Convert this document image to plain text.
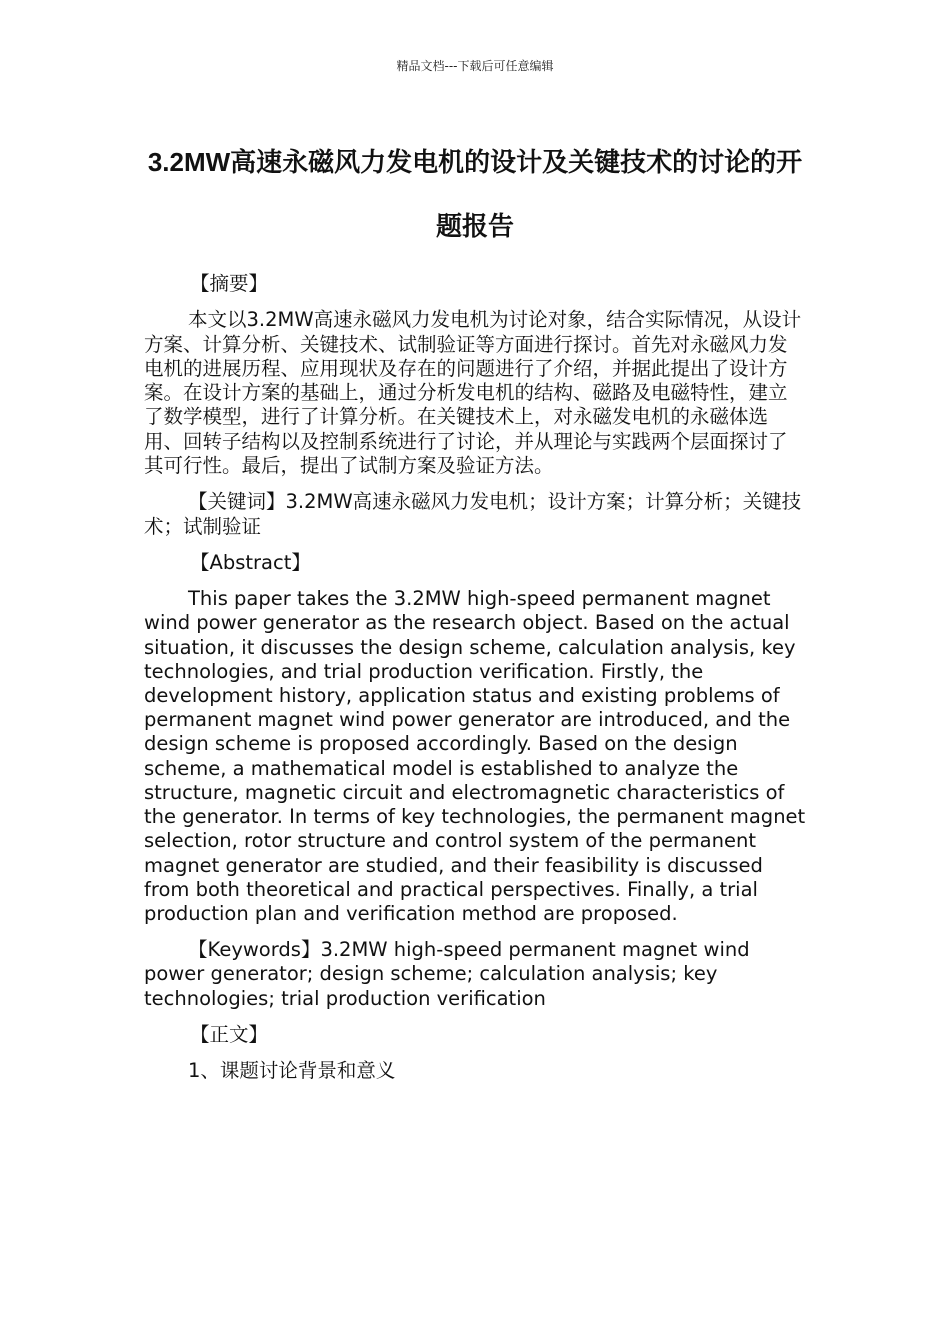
精品文档---下载后可任意编辑
3.2MW高速永磁风力发电机的设计及关键技术的讨论的开题报告

【摘要】

本文以3.2MW高速永磁风力发电机为讨论对象，结合实际情况，从设计方案、计算分析、关键技术、试制验证等方面进行探讨。首先对永磁风力发电机的进展历程、应用现状及存在的问题进行了介绍，并据此提出了设计方案。在设计方案的基础上，通过分析发电机的结构、磁路及电磁特性，建立了数学模型，进行了计算分析。在关键技术上，对永磁发电机的永磁体选用、回转子结构以及控制系统进行了讨论，并从理论与实践两个层面探讨了其可行性。最后，提出了试制方案及验证方法。

【关键词】3.2MW高速永磁风力发电机；设计方案；计算分析；关键技术；试制验证

【Abstract】

This paper takes the 3.2MW high-speed permanent magnet wind power generator as the research object. Based on the actual situation, it discusses the design scheme, calculation analysis, key technologies, and trial production verification. Firstly, the development history, application status and existing problems of permanent magnet wind power generator are introduced, and the design scheme is proposed accordingly. Based on the design scheme, a mathematical model is established to analyze the structure, magnetic circuit and electromagnetic characteristics of the generator. In terms of key technologies, the permanent magnet selection, rotor structure and control system of the permanent magnet generator are studied, and their feasibility is discussed from both theoretical and practical perspectives. Finally, a trial production plan and verification method are proposed.

【Keywords】3.2MW high-speed permanent magnet wind power generator; design scheme; calculation analysis; key technologies; trial production verification

【正文】

1、课题讨论背景和意义
